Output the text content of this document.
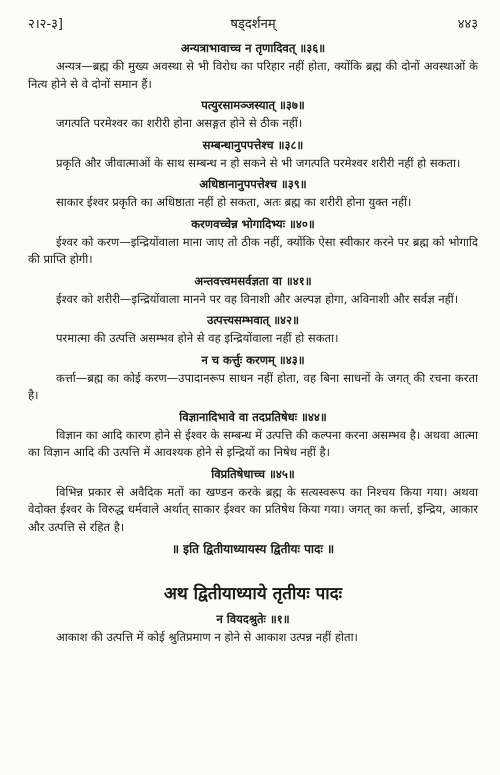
२।२-३]	षड्दर्शनम्	४४३

अन्यत्राभावाच्च न तृणादिवत् ॥३६॥

अन्यत्र—ब्रह्म की मुख्य अवस्था से भी विरोध का परिहार नहीं होता, क्योंकि ब्रह्म की दोनों अवस्थाओं के नित्य होने से वे दोनों समान हैं।

पत्युरसामञ्जस्यात् ॥३७॥

जगत्पति परमेश्वर का शरीरी होना असङ्गत होने से ठीक नहीं।

सम्बन्धानुपपत्तेश्च ॥३८॥

प्रकृति और जीवात्माओं के साथ सम्बन्ध न हो सकने से भी जगत्पति परमेश्वर शरीरी नहीं हो सकता।

अधिष्ठानानुपपत्तेश्च ॥३९॥

साकार ईश्वर प्रकृति का अधिष्ठाता नहीं हो सकता, अतः ब्रह्म का शरीरी होना युक्त नहीं।

करणवच्चेन्न भोगादिभ्यः ॥४०॥

ईश्वर को करण—इन्द्रियोंवाला माना जाए तो ठीक नहीं, क्योंकि ऐसा स्वीकार करने पर ब्रह्म को भोगादि की प्राप्ति होगी।

अन्तवत्त्वमसर्वज्ञता वा ॥४१॥

ईश्वर को शरीरी—इन्द्रियोंवाला मानने पर वह विनाशी और अल्पज्ञ होगा, अविनाशी और सर्वज्ञ नहीं।

उत्पत्त्यसम्भवात् ॥४२॥

परमात्मा की उत्पत्ति असम्भव होने से वह इन्द्रियोंवाला नहीं हो सकता।

न च कर्त्तुः करणम् ॥४३॥

कर्त्ता—ब्रह्म का कोई करण—उपादानरूप साधन नहीं होता, वह बिना साधनों के जगत् की रचना करता है।

विज्ञानादिभावे वा तदप्रतिषेधः ॥४४॥

विज्ञान का आदि कारण होने से ईश्वर के सम्बन्ध में उत्पत्ति की कल्पना करना असम्भव है। अथवा आत्मा का विज्ञान आदि की उत्पत्ति में आवश्यक होने से इन्द्रियों का निषेध नहीं है।

विप्रतिषेधाच्च ॥४५॥

विभिन्न प्रकार से अवैदिक मतों का खण्डन करके ब्रह्म के सत्यस्वरूप का निश्चय किया गया। अथवा वेदोक्त ईश्वर के विरुद्ध धर्मवाले अर्थात् साकार ईश्वर का प्रतिषेध किया गया। जगत् का कर्त्ता, इन्द्रिय, आकार और उत्पत्ति से रहित है।

॥ इति द्वितीयाध्यायस्य द्वितीयः पादः ॥

अथ द्वितीयाध्याये तृतीयः पादः

न वियदश्रुतेः ॥१॥

आकाश की उत्पत्ति में कोई श्रुतिप्रमाण न होने से आकाश उत्पन्न नहीं होता।
